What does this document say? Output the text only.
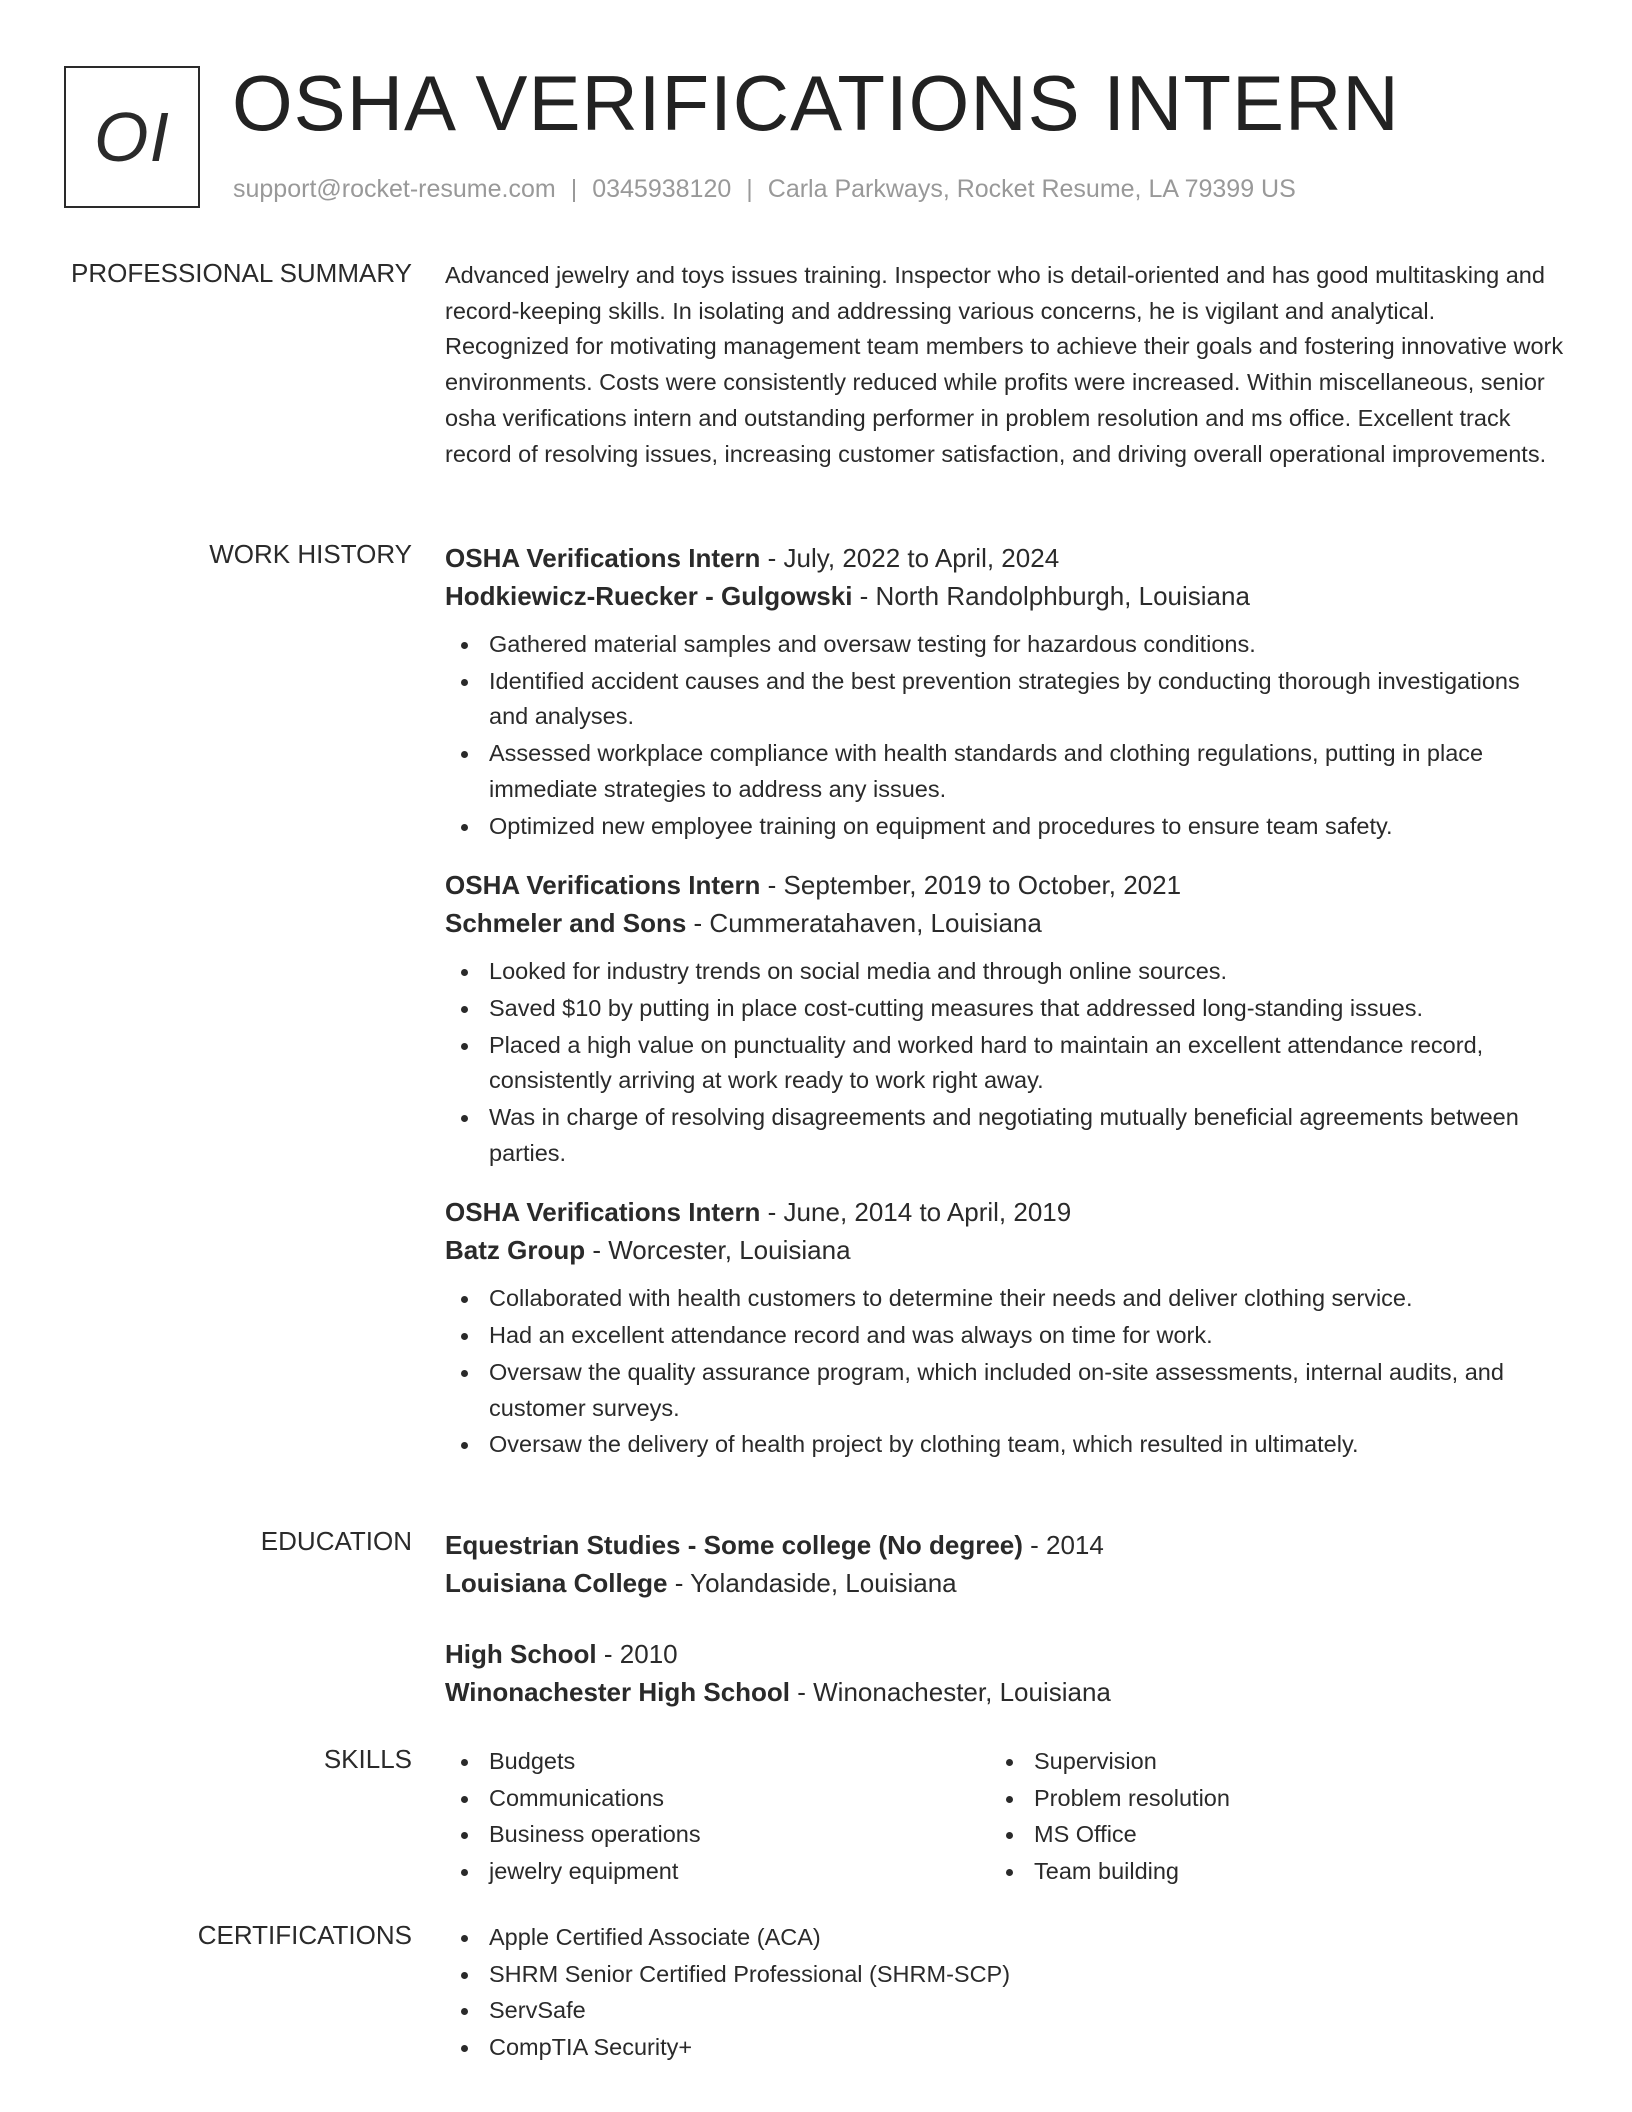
OI OSHA VERIFICATIONS INTERN
support@rocket-resume.com | 0345938120 | Carla Parkways, Rocket Resume, LA 79399 US
PROFESSIONAL SUMMARY Advanced jewelry and toys issues training. Inspector who is detail-oriented and has good multitasking and record-keeping skills. In isolating and addressing various concerns, he is vigilant and analytical. Recognized for motivating management team members to achieve their goals and fostering innovative work environments. Costs were consistently reduced while profits were increased. Within miscellaneous, senior osha verifications intern and outstanding performer in problem resolution and ms office. Excellent track record of resolving issues, increasing customer satisfaction, and driving overall operational improvements.

WORK HISTORY OSHA Verifications Intern - July, 2022 to April, 2024
Hodkiewicz-Ruecker - Gulgowski - North Randolphburgh, Louisiana
Gathered material samples and oversaw testing for hazardous conditions.
Identified accident causes and the best prevention strategies by conducting thorough investigations and analyses.
Assessed workplace compliance with health standards and clothing regulations, putting in place immediate strategies to address any issues.
Optimized new employee training on equipment and procedures to ensure team safety.
OSHA Verifications Intern - September, 2019 to October, 2021
Schmeler and Sons - Cummeratahaven, Louisiana
Looked for industry trends on social media and through online sources.
Saved $10 by putting in place cost-cutting measures that addressed long-standing issues.
Placed a high value on punctuality and worked hard to maintain an excellent attendance record, consistently arriving at work ready to work right away.
Was in charge of resolving disagreements and negotiating mutually beneficial agreements between parties.
OSHA Verifications Intern - June, 2014 to April, 2019
Batz Group - Worcester, Louisiana
Collaborated with health customers to determine their needs and deliver clothing service.
Had an excellent attendance record and was always on time for work.
Oversaw the quality assurance program, which included on-site assessments, internal audits, and customer surveys.
Oversaw the delivery of health project by clothing team, which resulted in ultimately.
EDUCATION Equestrian Studies - Some college (No degree) - 2014
Louisiana College - Yolandaside, Louisiana
High School - 2010
Winonachester High School - Winonachester, Louisiana
SKILLS	Budgets
Communications
Business operations
jewelry equipment
Supervision
Problem resolution
MS Office
Team building
CERTIFICATIONS	Apple Certified Associate (ACA)
SHRM Senior Certified Professional (SHRM-SCP)
ServSafe
CompTIA Security+
